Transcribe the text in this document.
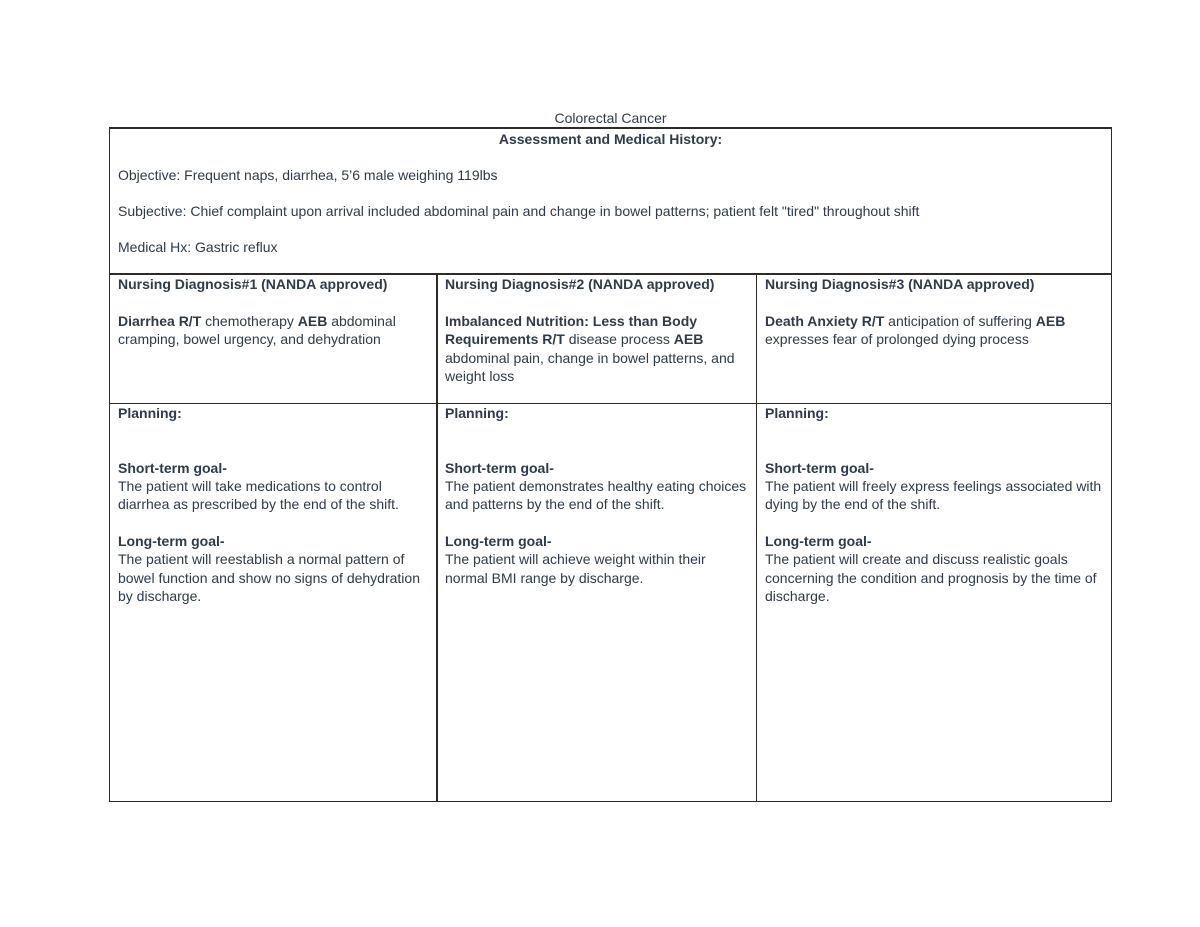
Colorectal Cancer
Assessment and Medical History:

Objective: Frequent naps, diarrhea, 5’6 male weighing 119lbs

Subjective: Chief complaint upon arrival included abdominal pain and change in bowel patterns; patient felt "tired" throughout shift

Medical Hx: Gastric reflux

Nursing Diagnosis#1 (NANDA approved)

Diarrhea R/T chemotherapy AEB abdominal cramping, bowel urgency, and dehydration

Nursing Diagnosis#2 (NANDA approved)

Imbalanced Nutrition: Less than Body Requirements R/T disease process AEB abdominal pain, change in bowel patterns, and weight loss

Nursing Diagnosis#3 (NANDA approved)

Death Anxiety R/T anticipation of suffering AEB expresses fear of prolonged dying process

Planning:

Short-term goal-

The patient will take medications to control diarrhea as prescribed by the end of the shift.

Long-term goal-

The patient will reestablish a normal pattern of bowel function and show no signs of dehydration by discharge.

Planning:

Short-term goal-

The patient demonstrates healthy eating choices and patterns by the end of the shift.

Long-term goal-

The patient will achieve weight within their normal BMI range by discharge.

Planning:

Short-term goal-

The patient will freely express feelings associated with dying by the end of the shift.

Long-term goal-

The patient will create and discuss realistic goals concerning the condition and prognosis by the time of discharge.
